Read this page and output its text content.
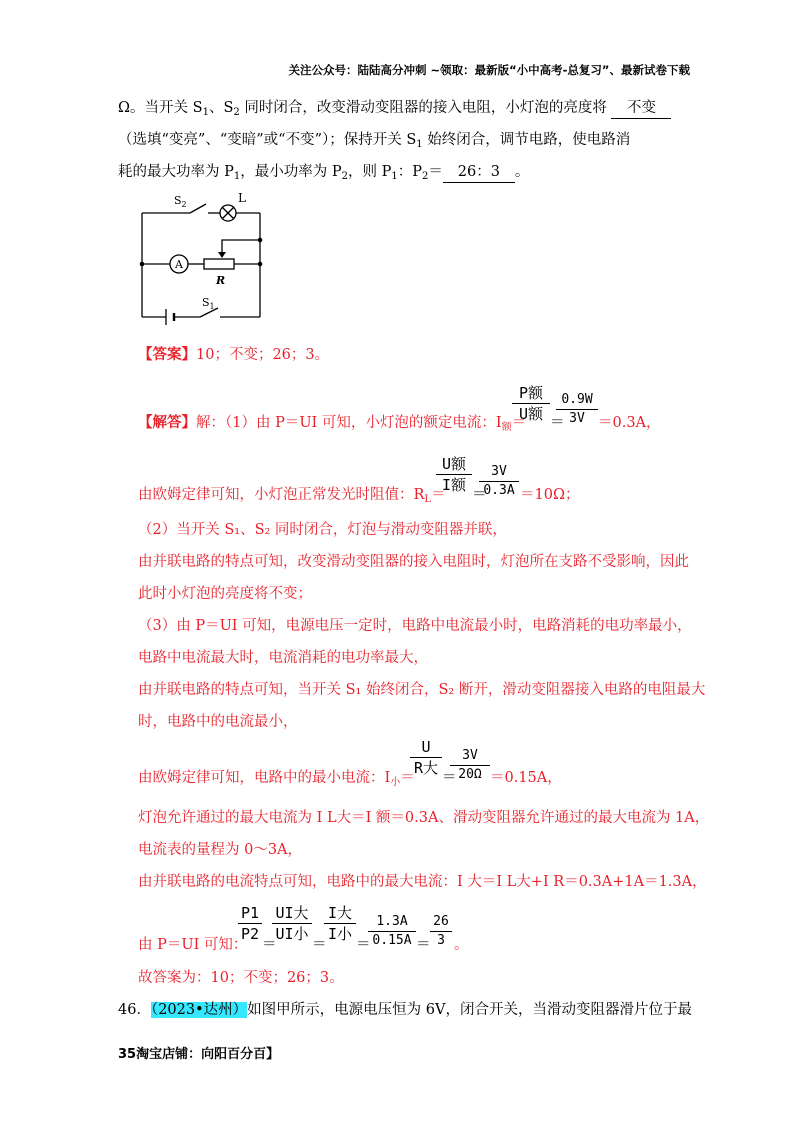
关注公众号：陆陆高分冲刺 ~领取：最新版“小中高考-总复习”、最新试卷下载
Ω。当开关 $S_1$、$S_2$ 同时闭合，改变滑动变阻器的接入电阻，小灯泡的亮度将 不变
（选填“变亮”、“变暗”或“不变”）；保持开关 $S_1$ 始终闭合，调节电路，使电路消
耗的最大功率为 $P_1$，最小功率为 $P_2$，则 $P_1$：$P_2= 26$：3 。
$S_2$	L
A
R
$S_1$
【答案】10；不变；26；3。
【解答】解：（1）由 P＝UI 可知，小灯泡的额定电流：$I_额=$
P额
U额 ＝
0.9W
3V ＝0.3A，
由欧姆定律可知，小灯泡正常发光时阻值：$R_L=$
U额
I额
＝
3V
0.3A ＝10Ω；
（2）当开关 S₁、S₂ 同时闭合，灯泡与滑动变阻器并联，
由并联电路的特点可知，改变滑动变阻器的接入电阻时，灯泡所在支路不受影响，因此
此时小灯泡的亮度将不变；
（3）由 P＝UI 可知，电源电压一定时，电路中电流最小时，电路消耗的电功率最小，
电路中电流最大时，电流消耗的电功率最大，
由并联电路的特点可知，当开关 S₁ 始终闭合，S₂ 断开，滑动变阻器接入电路的电阻最大
时，电路中的电流最小，
由欧姆定律可知，电路中的最小电流：$I_小=$
U
R大
＝
3V
20Ω ＝0.15A，
灯泡允许通过的最大电流为 I L大＝I 额＝0.3A、滑动变阻器允许通过的最大电流为 1A，
电流表的量程为 0～3A，
由并联电路的电流特点可知，电路中的最大电流：I 大＝I L大+I R＝0.3A+1A＝1.3A，
由 P＝UI 可知：
P1
P2
＝
UI大
UI小
＝
I大
I小
＝
1.3A
0.15A ＝
26
3 。
故答案为：10；不变；26；3。
46．（2023•达州）如图甲所示，电源电压恒为 6V，闭合开关，当滑动变阻器滑片位于最
35淘宝店铺：向阳百分百】
